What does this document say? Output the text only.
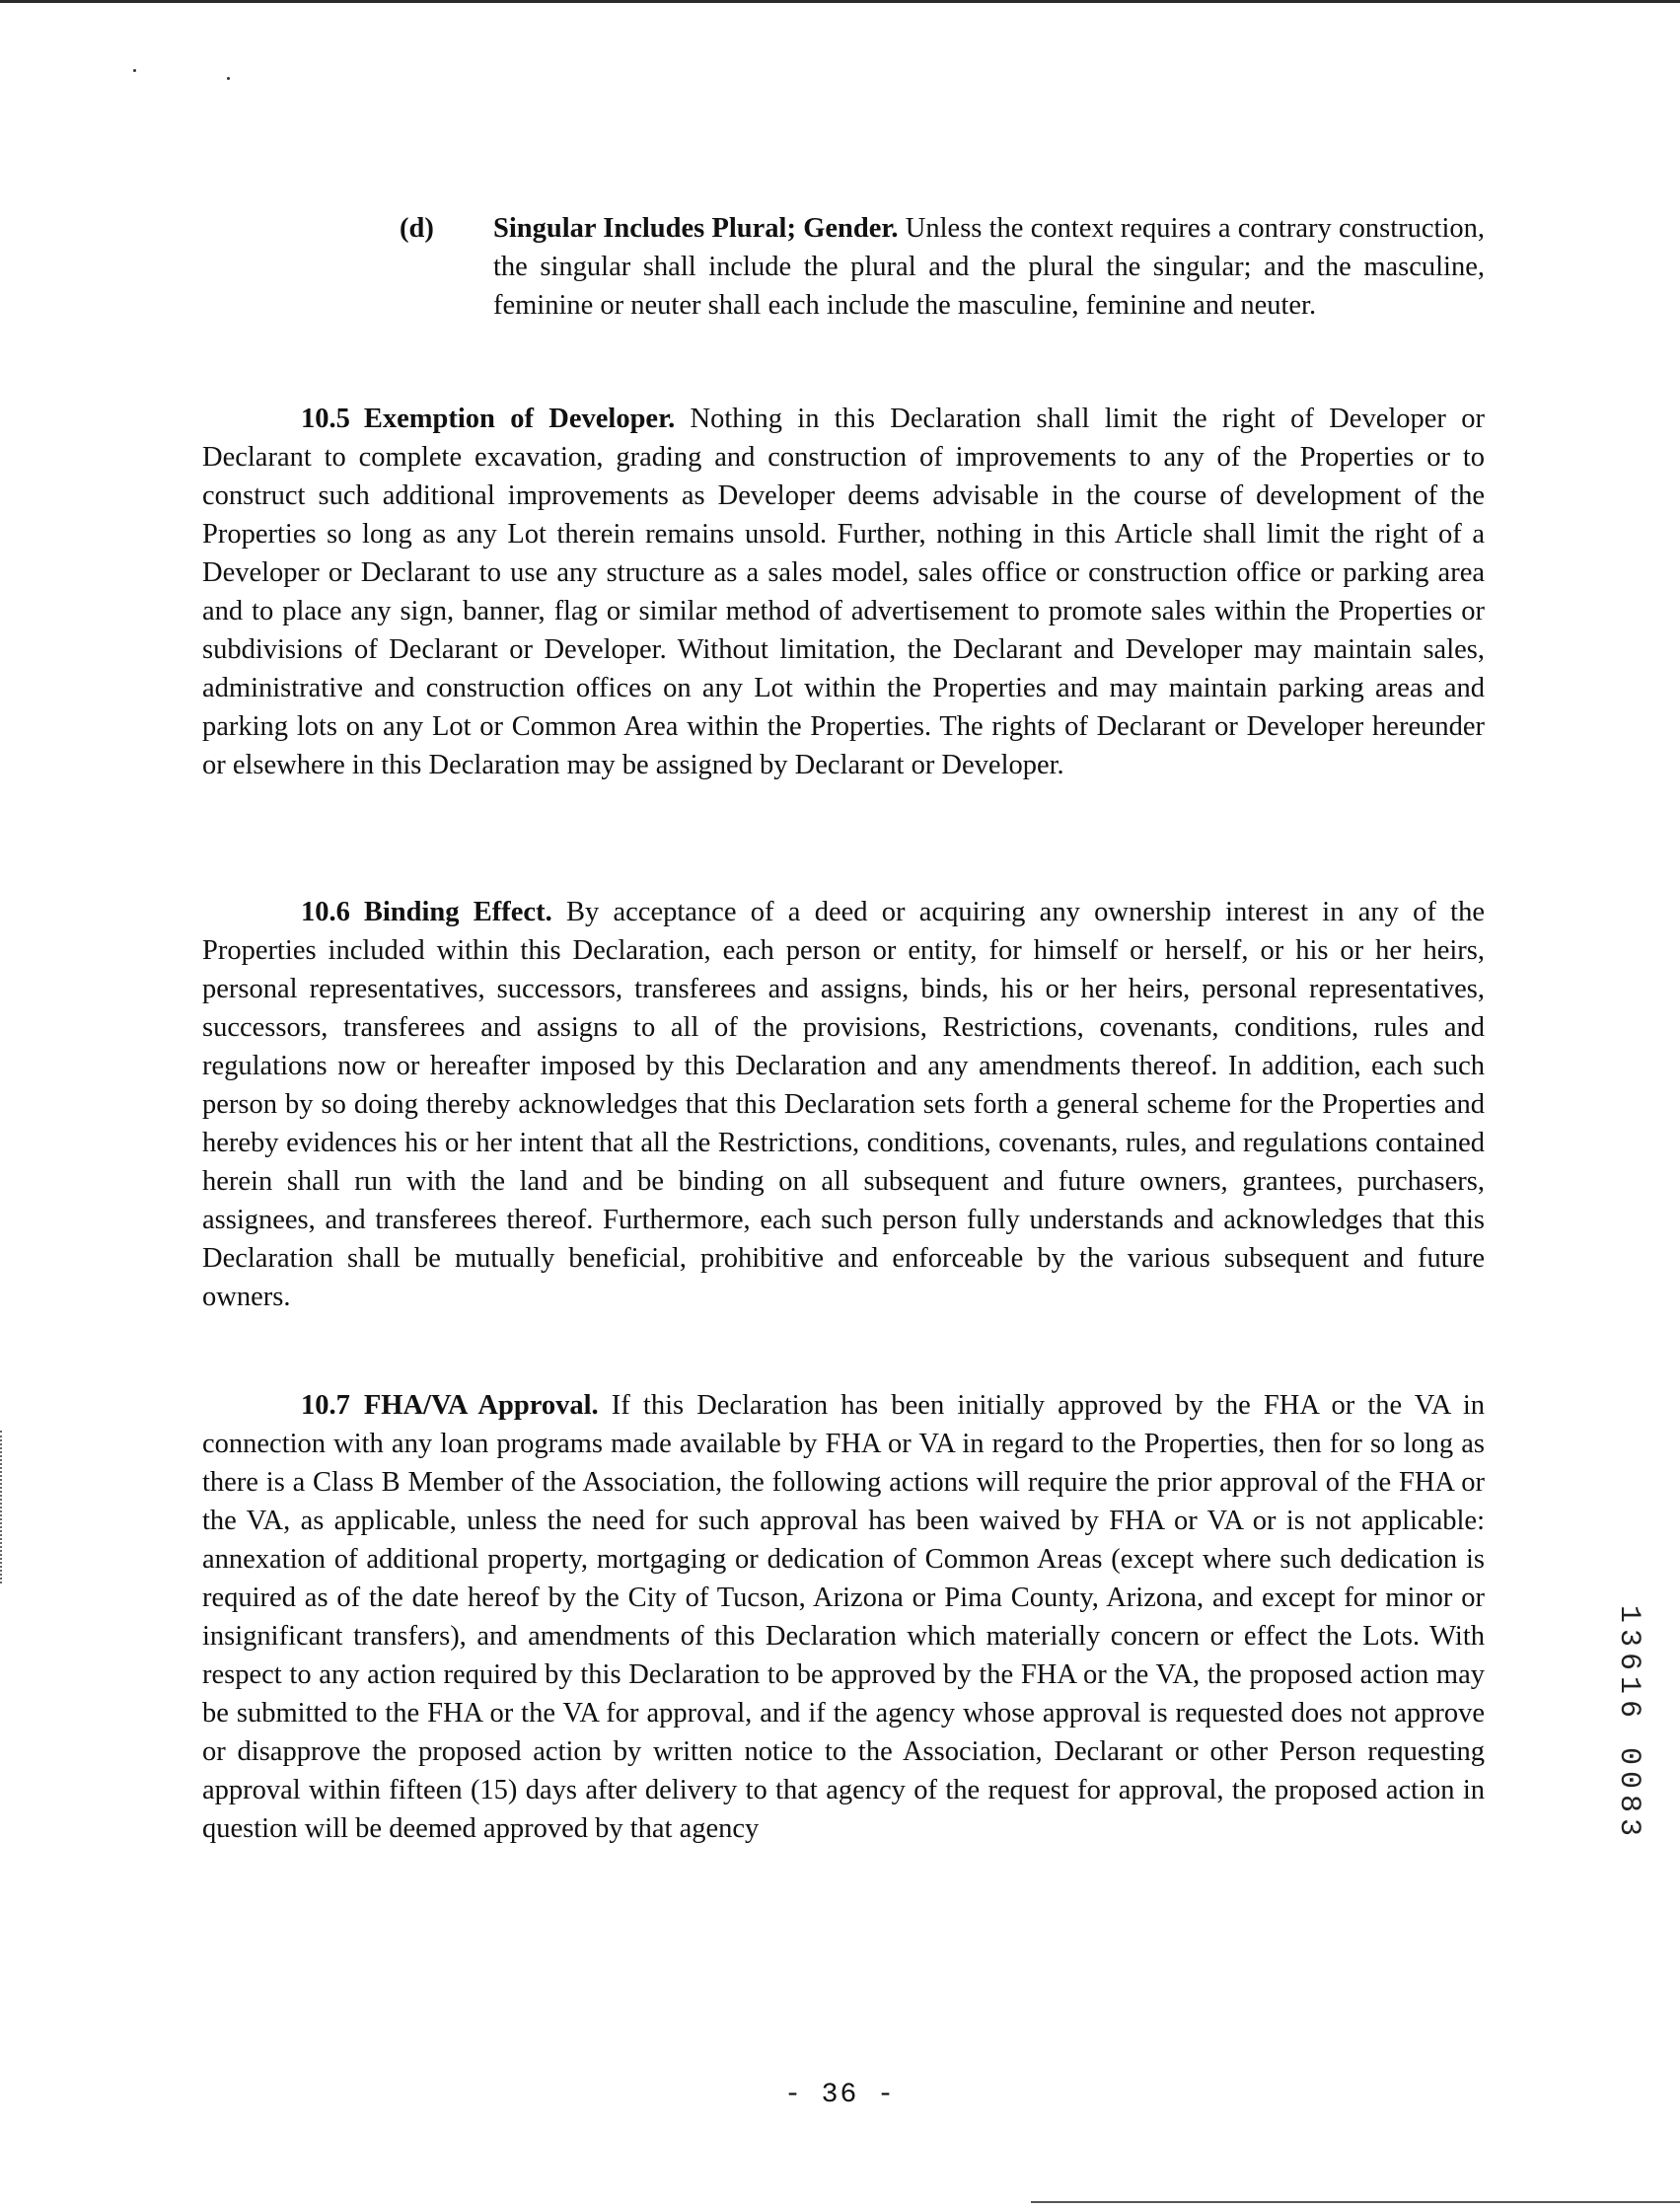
(d) Singular Includes Plural; Gender. Unless the context requires a contrary construction, the singular shall include the plural and the plural the singular; and the masculine, feminine or neuter shall each include the masculine, feminine and neuter.

10.5 Exemption of Developer. Nothing in this Declaration shall limit the right of Developer or Declarant to complete excavation, grading and construction of improvements to any of the Properties or to construct such additional improvements as Developer deems advisable in the course of development of the Properties so long as any Lot therein remains unsold. Further, nothing in this Article shall limit the right of a Developer or Declarant to use any structure as a sales model, sales office or construction office or parking area and to place any sign, banner, flag or similar method of advertisement to promote sales within the Properties or subdivisions of Declarant or Developer. Without limitation, the Declarant and Developer may maintain sales, administrative and construction offices on any Lot within the Properties and may maintain parking areas and parking lots on any Lot or Common Area within the Properties. The rights of Declarant or Developer hereunder or elsewhere in this Declaration may be assigned by Declarant or Developer.

10.6 Binding Effect. By acceptance of a deed or acquiring any ownership interest in any of the Properties included within this Declaration, each person or entity, for himself or herself, or his or her heirs, personal representatives, successors, transferees and assigns, binds, his or her heirs, personal representatives, successors, transferees and assigns to all of the provisions, Restrictions, covenants, conditions, rules and regulations now or hereafter imposed by this Declaration and any amendments thereof. In addition, each such person by so doing thereby acknowledges that this Declaration sets forth a general scheme for the Properties and hereby evidences his or her intent that all the Restrictions, conditions, covenants, rules, and regulations contained herein shall run with the land and be binding on all subsequent and future owners, grantees, purchasers, assignees, and transferees thereof. Furthermore, each such person fully understands and acknowledges that this Declaration shall be mutually beneficial, prohibitive and enforceable by the various subsequent and future owners.

10.7 FHA/VA Approval. If this Declaration has been initially approved by the FHA or the VA in connection with any loan programs made available by FHA or VA in regard to the Properties, then for so long as there is a Class B Member of the Association, the following actions will require the prior approval of the FHA or the VA, as applicable, unless the need for such approval has been waived by FHA or VA or is not applicable: annexation of additional property, mortgaging or dedication of Common Areas (except where such dedication is required as of the date hereof by the City of Tucson, Arizona or Pima County, Arizona, and except for minor or insignificant transfers), and amendments of this Declaration which materially concern or effect the Lots. With respect to any action required by this Declaration to be approved by the FHA or the VA, the proposed action may be submitted to the FHA or the VA for approval, and if the agency whose approval is requested does not approve or disapprove the proposed action by written notice to the Association, Declarant or other Person requesting approval within fifteen (15) days after delivery to that agency of the request for approval, the proposed action in question will be deemed approved by that agency	13616 0083
- 36 -
